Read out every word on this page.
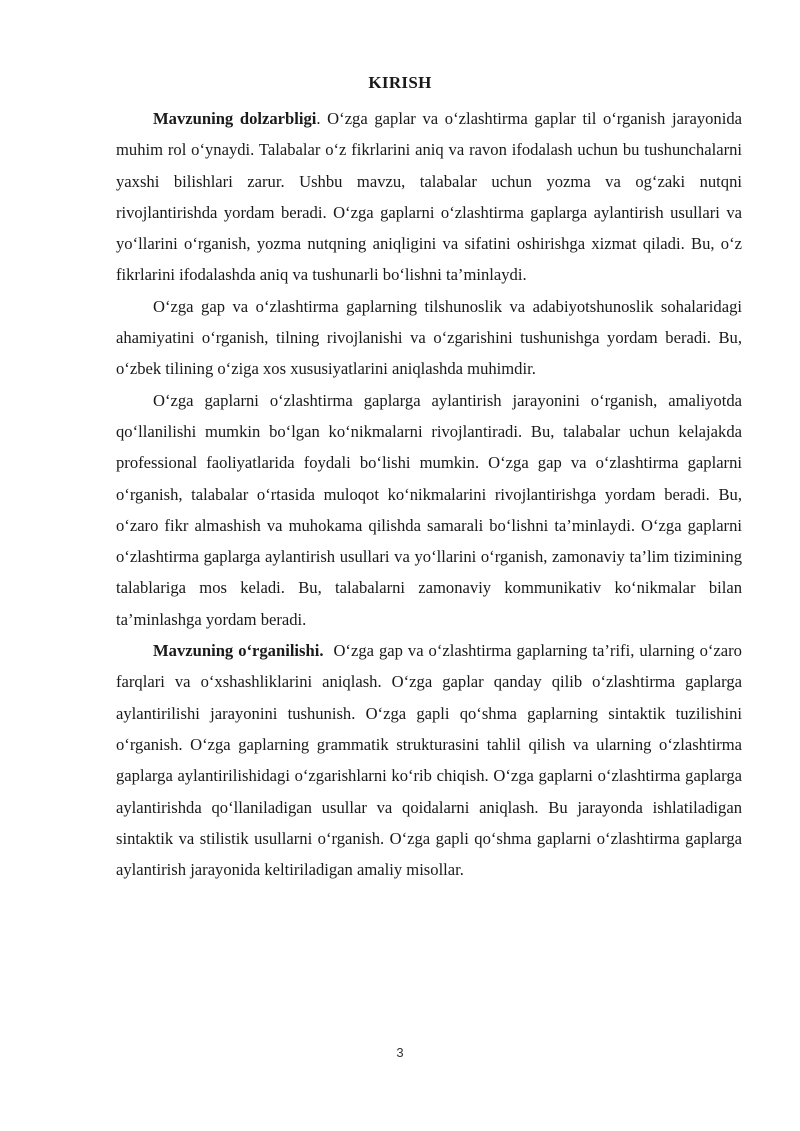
KIRISH

Mavzuning dolzarbligi. O‘zga gaplar va o‘zlashtirma gaplar til o‘rganish jarayonida muhim rol o‘ynaydi. Talabalar o‘z fikrlarini aniq va ravon ifodalash uchun bu tushunchalarni yaxshi bilishlari zarur. Ushbu mavzu, talabalar uchun yozma va og‘zaki nutqni rivojlantirishda yordam beradi. O‘zga gaplarni o‘zlashtirma gaplarga aylantirish usullari va yo‘llarini o‘rganish, yozma nutqning aniqligini va sifatini oshirishga xizmat qiladi. Bu, o‘z fikrlarini ifodalashda aniq va tushunarli bo‘lishni ta’minlaydi.

O‘zga gap va o‘zlashtirma gaplarning tilshunoslik va adabiyotshunoslik sohalaridagi ahamiyatini o‘rganish, tilning rivojlanishi va o‘zgarishini tushunishga yordam beradi. Bu, o‘zbek tilining o‘ziga xos xususiyatlarini aniqlashda muhimdir.

O‘zga gaplarni o‘zlashtirma gaplarga aylantirish jarayonini o‘rganish, amaliyotda qo‘llanilishi mumkin bo‘lgan ko‘nikmalarni rivojlantiradi. Bu, talabalar uchun kelajakda professional faoliyatlarida foydali bo‘lishi mumkin. O‘zga gap va o‘zlashtirma gaplarni o‘rganish, talabalar o‘rtasida muloqot ko‘nikmalarini rivojlantirishga yordam beradi. Bu, o‘zaro fikr almashish va muhokama qilishda samarali bo‘lishni ta’minlaydi. O‘zga gaplarni o‘zlashtirma gaplarga aylantirish usullari va yo‘llarini o‘rganish, zamonaviy ta’lim tizimining talablariga mos keladi. Bu, talabalarni zamonaviy kommunikativ ko‘nikmalar bilan ta’minlashga yordam beradi.

Mavzuning o‘rganilishi.  O‘zga gap va o‘zlashtirma gaplarning ta’rifi, ularning o‘zaro farqlari va o‘xshashliklarini aniqlash. O‘zga gaplar qanday qilib o‘zlashtirma gaplarga aylantirilishi jarayonini tushunish. O‘zga gapli qo‘shma gaplarning sintaktik tuzilishini o‘rganish. O‘zga gaplarning grammatik strukturasini tahlil qilish va ularning o‘zlashtirma gaplarga aylantirilishidagi o‘zgarishlarni ko‘rib chiqish. O‘zga gaplarni o‘zlashtirma gaplarga aylantirishda qo‘llaniladigan usullar va qoidalarni aniqlash. Bu jarayonda ishlatiladigan sintaktik va stilistik usullarni o‘rganish. O‘zga gapli qo‘shma gaplarni o‘zlashtirma gaplarga aylantirish jarayonida keltiriladigan amaliy misollar.

3
